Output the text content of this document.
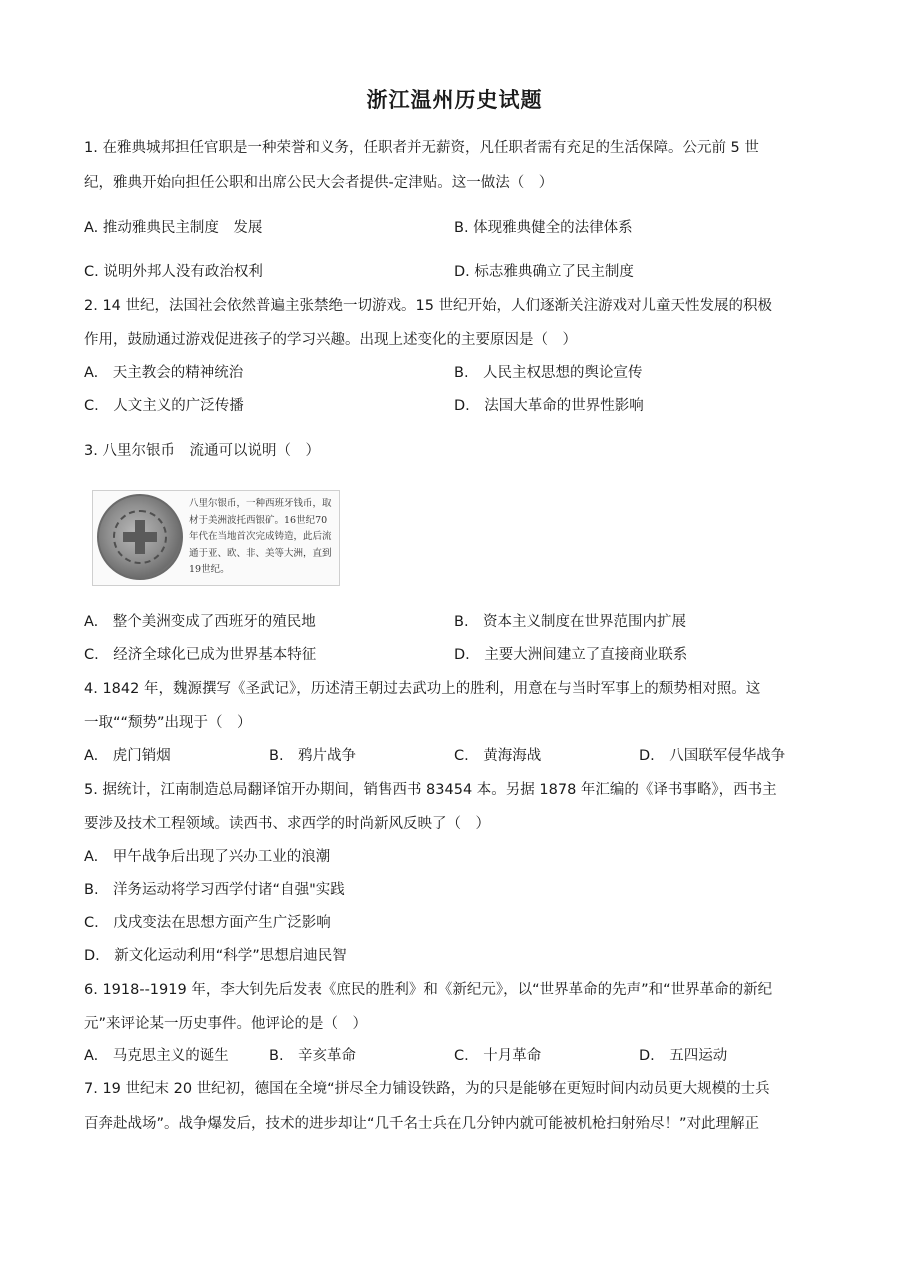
浙江温州历史试题
1. 在雅典城邦担任官职是一种荣誉和义务，任职者并无薪资，凡任职者需有充足的生活保障。公元前 5 世
纪，雅典开始向担任公职和出席公民大会者提供-定津贴。这一做法（　）
A. 推动雅典民主制度　发展	B. 体现雅典健全的法律体系
C. 说明外邦人没有政治权利	D. 标志雅典确立了民主制度
2. 14 世纪，法国社会依然普遍主张禁绝一切游戏。15 世纪开始，人们逐渐关注游戏对儿童天性发展的积极
作用，鼓励通过游戏促进孩子的学习兴趣。出现上述变化的主要原因是（　）
A.　天主教会的精神统治	B.　人民主权思想的舆论宣传
C.　人文主义的广泛传播	D.　法国大革命的世界性影响
3. 八里尔银币　流通可以说明（　）
八里尔银币，一种西班牙钱币，取材于美洲波托西银矿。16世纪70年代在当地首次完成铸造，此后流通于亚、欧、非、美等大洲，直到19世纪。
A.　整个美洲变成了西班牙的殖民地	B.　资本主义制度在世界范围内扩展
C.　经济全球化已成为世界基本特征	D.　主要大洲间建立了直接商业联系
4. 1842 年，魏源撰写《圣武记》，历述清王朝过去武功上的胜利，用意在与当时军事上的颓势相对照。这
一取““颓势”出现于（　）
A.　虎门销烟	B.　鸦片战争	C.　黄海海战	D.　八国联军侵华战争
5. 据统计，江南制造总局翻译馆开办期间，销售西书 83454 本。另据 1878 年汇编的《译书事略》，西书主
要涉及技术工程领域。读西书、求西学的时尚新风反映了（　）
A.　甲午战争后出现了兴办工业的浪潮
B.　洋务运动将学习西学付诸“自强"实践
C.　戊戌变法在思想方面产生广泛影响
D.　新文化运动利用“科学”思想启迪民智
6. 1918--1919 年，李大钊先后发表《庶民的胜利》和《新纪元》，以“世界革命的先声”和“世界革命的新纪
元”来评论某一历史事件。他评论的是（　）
A.　马克思主义的诞生	B.　辛亥革命	C.　十月革命	D.　五四运动
7. 19 世纪末 20 世纪初，德国在全境“拼尽全力铺设铁路，为的只是能够在更短时间内动员更大规模的士兵
百奔赴战场”。战争爆发后，技术的进步却让“几千名士兵在几分钟内就可能被机枪扫射殆尽！”对此理解正
